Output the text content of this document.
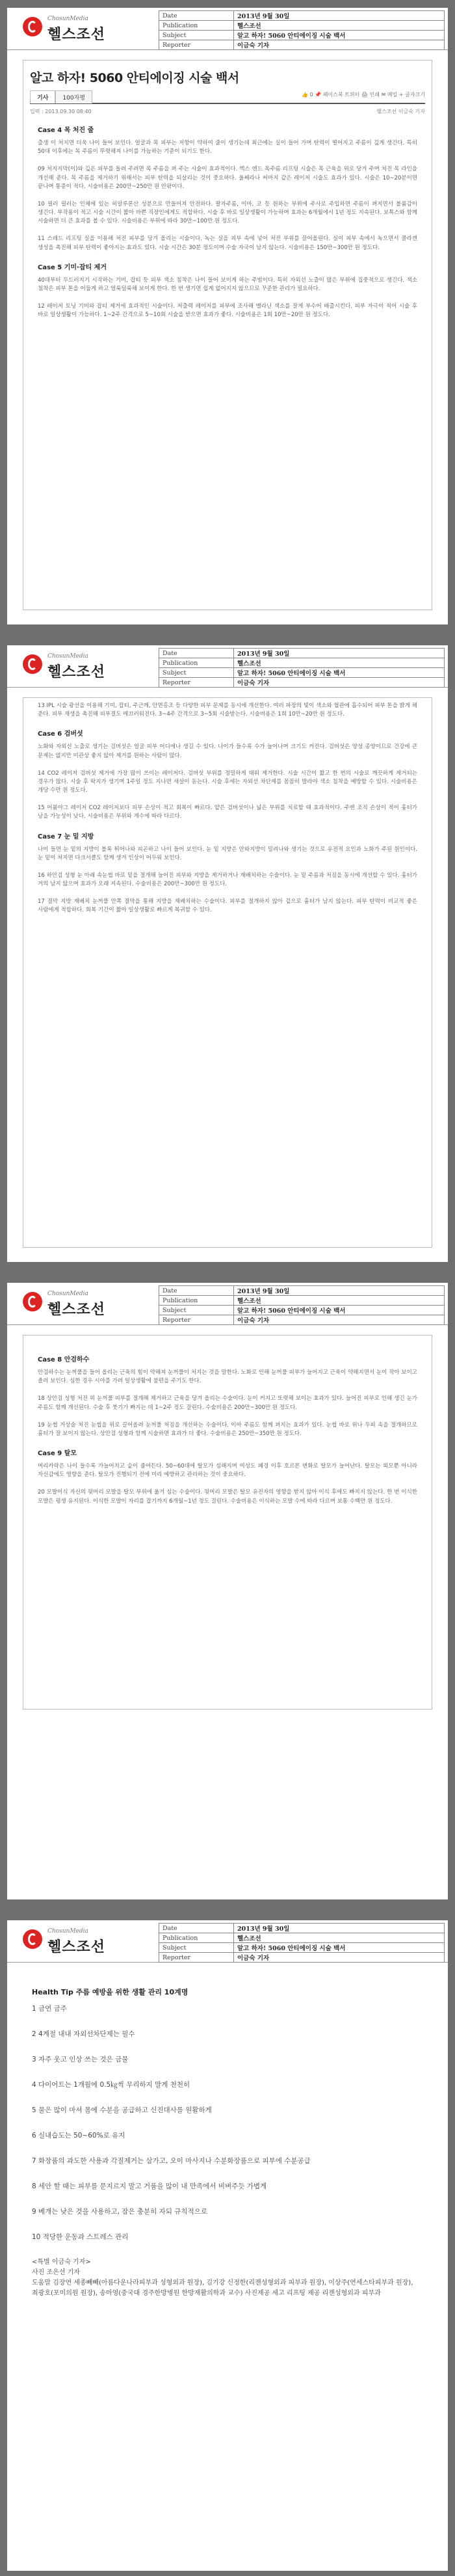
ChosunMedia
헬스조선
Date	2013년 9월 30일
Publication	헬스조선
Subject	알고 하자! 5060 안티에이징 시술 백서
Reporter	이금숙 기자
알고 하자! 5060 안티에이징 시술 백서
기사 100자평
👍 0 📌 페이스북 트위터 🖨 인쇄 ✉ 메일 + 글자크기
입력 : 2013.09.30 08:40	헬스조선 이금숙 기자
Case 4 목 처진 줄
출생 이 처지면 더욱 나이 들어 보인다. 얼굴과 목 피부는 저항이 약하여 줄이 생기는데 최근에는 실이 들어 가며 탄력이 떨어지고 주름이 깊게 생긴다. 특히 50대 이후에는 목 주름이 뚜렷해져 나이를 가늠하는 기준이 되기도 한다.
09 처지지막(이)와 깊은 피부를 돌려 주려면 목 주름을 펴 주는 시술이 효과적이다. 엑스 엔드 목주름 리프팅 시술은 목 근육을 위로 당겨 주며 처진 목 라인을 개선해 준다. 목 주름을 제거하기 위해서는 피부 탄력을 되살리는 것이 중요하다. 울쎄라나 써마지 같은 레이저 시술도 효과가 있다. 시술은 10~20분이면 끝나며 통증이 적다. 시술비용은 200만~250만 원 안팎이다.
10 필러 필러는 인체에 있는 히알루론산 성분으로 만들어져 안전하다. 팔자주름, 이마, 코 등 원하는 부위에 주사로 주입하면 주름이 펴지면서 볼륨감이 생긴다. 부작용이 적고 시술 시간이 짧아 바쁜 직장인에게도 적합하다. 시술 후 바로 일상생활이 가능하며 효과는 6개월에서 1년 정도 지속된다. 보톡스와 함께 시술하면 더 큰 효과를 볼 수 있다. 시술비용은 부위에 따라 30만~100만 원 정도다.
11 스레드 리프팅 실을 이용해 처진 피부를 당겨 올리는 시술이다. 녹는 실을 피부 속에 넣어 처진 부위를 끌어올린다. 실이 피부 속에서 녹으면서 콜라겐 생성을 촉진해 피부 탄력이 좋아지는 효과도 있다. 시술 시간은 30분 정도이며 수술 자국이 남지 않는다. 시술비용은 150만~300만 원 정도다.
Case 5 기미·잡티 제거
40대부터 두드러지기 시작하는 기미, 잡티 등 피부 색소 침착은 나이 들어 보이게 하는 주범이다. 특히 자외선 노출이 많은 부위에 집중적으로 생긴다. 색소 침착은 피부 톤을 어둡게 하고 얼룩덜룩해 보이게 한다. 한 번 생기면 쉽게 없어지지 않으므로 꾸준한 관리가 필요하다.
12 레이저 토닝 기미와 잡티 제거에 효과적인 시술이다. 저출력 레이저를 피부에 조사해 멜라닌 색소를 잘게 부수어 배출시킨다. 피부 자극이 적어 시술 후 바로 일상생활이 가능하다. 1~2주 간격으로 5~10회 시술을 받으면 효과가 좋다. 시술비용은 1회 10만~20만 원 정도다.
ChosunMedia
헬스조선
Date	2013년 9월 30일
Publication	헬스조선
Subject	알고 하자! 5060 안티에이징 시술 백서
Reporter	이금숙 기자
13 IPL 시술 광선을 이용해 기미, 잡티, 주근깨, 안면홍조 등 다양한 피부 문제를 동시에 개선한다. 여러 파장의 빛이 색소와 혈관에 흡수되어 피부 톤을 밝게 해 준다. 피부 재생을 촉진해 피부결도 매끄러워진다. 3~4주 간격으로 3~5회 시술받는다. 시술비용은 1회 10만~20만 원 정도다.
Case 6 검버섯
노화와 자외선 노출로 생기는 검버섯은 얼굴 피부 어디에나 생길 수 있다. 나이가 들수록 수가 늘어나며 크기도 커진다. 검버섯은 양성 종양이므로 건강에 큰 문제는 없지만 미관상 좋지 않아 제거를 원하는 사람이 많다.
14 CO2 레이저 검버섯 제거에 가장 많이 쓰이는 레이저다. 검버섯 부위를 정밀하게 태워 제거한다. 시술 시간이 짧고 한 번의 시술로 깨끗하게 제거되는 경우가 많다. 시술 후 딱지가 생기며 1주일 정도 지나면 새살이 돋는다. 시술 후에는 자외선 차단제를 꼼꼼히 발라야 색소 침착을 예방할 수 있다. 시술비용은 개당 수만 원 정도다.
15 어븀야그 레이저 CO2 레이저보다 피부 손상이 적고 회복이 빠르다. 얕은 검버섯이나 넓은 부위를 치료할 때 효과적이다. 주변 조직 손상이 적어 흉터가 남을 가능성이 낮다. 시술비용은 부위와 개수에 따라 다르다.
Case 7 눈 밑 지방
나이 들면 눈 밑의 지방이 볼록 튀어나와 피곤하고 나이 들어 보인다. 눈 밑 지방은 안와지방이 밀려나와 생기는 것으로 유전적 요인과 노화가 주된 원인이다. 눈 밑이 처지면 다크서클도 함께 생겨 인상이 어두워 보인다.
16 하안검 성형 눈 아래 속눈썹 바로 밑을 절개해 늘어진 피부와 지방을 제거하거나 재배치하는 수술이다. 눈 밑 주름과 처짐을 동시에 개선할 수 있다. 흉터가 거의 남지 않으며 효과가 오래 지속된다. 수술비용은 200만~300만 원 정도다.
17 결막 지방 재배치 눈꺼풀 안쪽 결막을 통해 지방을 재배치하는 수술이다. 피부를 절개하지 않아 겉으로 흉터가 남지 않는다. 피부 탄력이 비교적 좋은 사람에게 적합하다. 회복 기간이 짧아 일상생활로 빠르게 복귀할 수 있다.
ChosunMedia
헬스조선
Date	2013년 9월 30일
Publication	헬스조선
Subject	알고 하자! 5060 안티에이징 시술 백서
Reporter	이금숙 기자
Case 8 안검하수
안검하수는 눈꺼풀을 들어 올리는 근육의 힘이 약해져 눈꺼풀이 처지는 것을 말한다. 노화로 인해 눈꺼풀 피부가 늘어지고 근육이 약해지면서 눈이 작아 보이고 졸려 보인다. 심한 경우 시야를 가려 일상생활에 불편을 주기도 한다.
18 상안검 성형 처진 위 눈꺼풀 피부를 절개해 제거하고 근육을 당겨 올리는 수술이다. 눈이 커지고 또렷해 보이는 효과가 있다. 늘어진 피부로 인해 생긴 눈가 주름도 함께 개선된다. 수술 후 붓기가 빠지는 데 1~2주 정도 걸린다. 수술비용은 200만~300만 원 정도다.
19 눈썹 거상술 처진 눈썹을 위로 끌어올려 눈꺼풀 처짐을 개선하는 수술이다. 이마 주름도 함께 펴지는 효과가 있다. 눈썹 바로 위나 두피 속을 절개하므로 흉터가 잘 보이지 않는다. 상안검 성형과 함께 시술하면 효과가 더 좋다. 수술비용은 250만~350만 원 정도다.
Case 9 탈모
머리카락은 나이 들수록 가늘어지고 숱이 줄어든다. 50~60대에 탈모가 심해지며 여성도 폐경 이후 호르몬 변화로 탈모가 늘어난다. 탈모는 외모뿐 아니라 자신감에도 영향을 준다. 탈모가 진행되기 전에 미리 예방하고 관리하는 것이 중요하다.
20 모발이식 자신의 뒷머리 모발을 탈모 부위에 옮겨 심는 수술이다. 뒷머리 모발은 탈모 유전자의 영향을 받지 않아 이식 후에도 빠지지 않는다. 한 번 이식한 모발은 평생 유지된다. 이식한 모발이 자리를 잡기까지 6개월~1년 정도 걸린다. 수술비용은 이식하는 모발 수에 따라 다르며 보통 수백만 원 정도다.
ChosunMedia
헬스조선
Date	2013년 9월 30일
Publication	헬스조선
Subject	알고 하자! 5060 안티에이징 시술 백서
Reporter	이금숙 기자
Health Tip 주름 예방을 위한 생활 관리 10계명
1 금연 금주
2 4계절 내내 자외선차단제는 필수
3 자주 웃고 인상 쓰는 것은 금물
4 다이어트는 1개월에 0.5㎏씩 무리하지 말게 천천히
5 물은 많이 마셔 몸에 수분을 공급하고 신진대사를 원활하게
6 실내습도는 50~60%로 유지
7 화장품의 과도한 사용과 각질제거는 삼가고, 오이 마사지나 수분화장품으로 피부에 수분공급
8 세안 할 때는 피부를 문지르지 말고 거품을 많이 내 만족에서 비벼주듯 가볍게
9 베개는 낮은 것을 사용하고, 잠은 충분히 자되 규칙적으로
10 적당한 운동과 스트레스 관리
<특별 이금숙 기자>
사진 조은선 기자
도움말 김장연 세종빼빼(아름다운나라피부과 성형외과 원장), 김기강 신정한(리젠성형외과 피부과 원장), 이상주(연세스타피부과 원장), 최광호(포미의원 원장), 송마영(중국대 경주한방병원 한방재활의학과 교수) 사진제공 세고 리프팅 제공 리젠성형외과 피부과
